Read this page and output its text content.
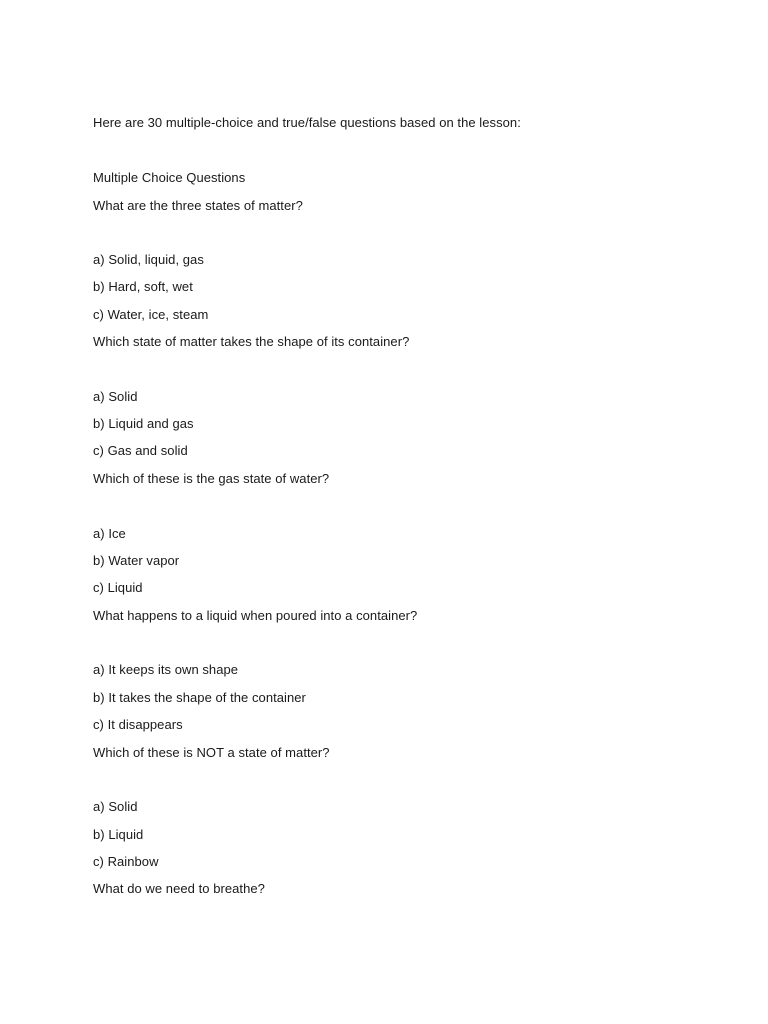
Here are 30 multiple-choice and true/false questions based on the lesson:
Multiple Choice Questions
What are the three states of matter?
a) Solid, liquid, gas
b) Hard, soft, wet
c) Water, ice, steam
Which state of matter takes the shape of its container?
a) Solid
b) Liquid and gas
c) Gas and solid
Which of these is the gas state of water?
a) Ice
b) Water vapor
c) Liquid
What happens to a liquid when poured into a container?
a) It keeps its own shape
b) It takes the shape of the container
c) It disappears
Which of these is NOT a state of matter?
a) Solid
b) Liquid
c) Rainbow
What do we need to breathe?
